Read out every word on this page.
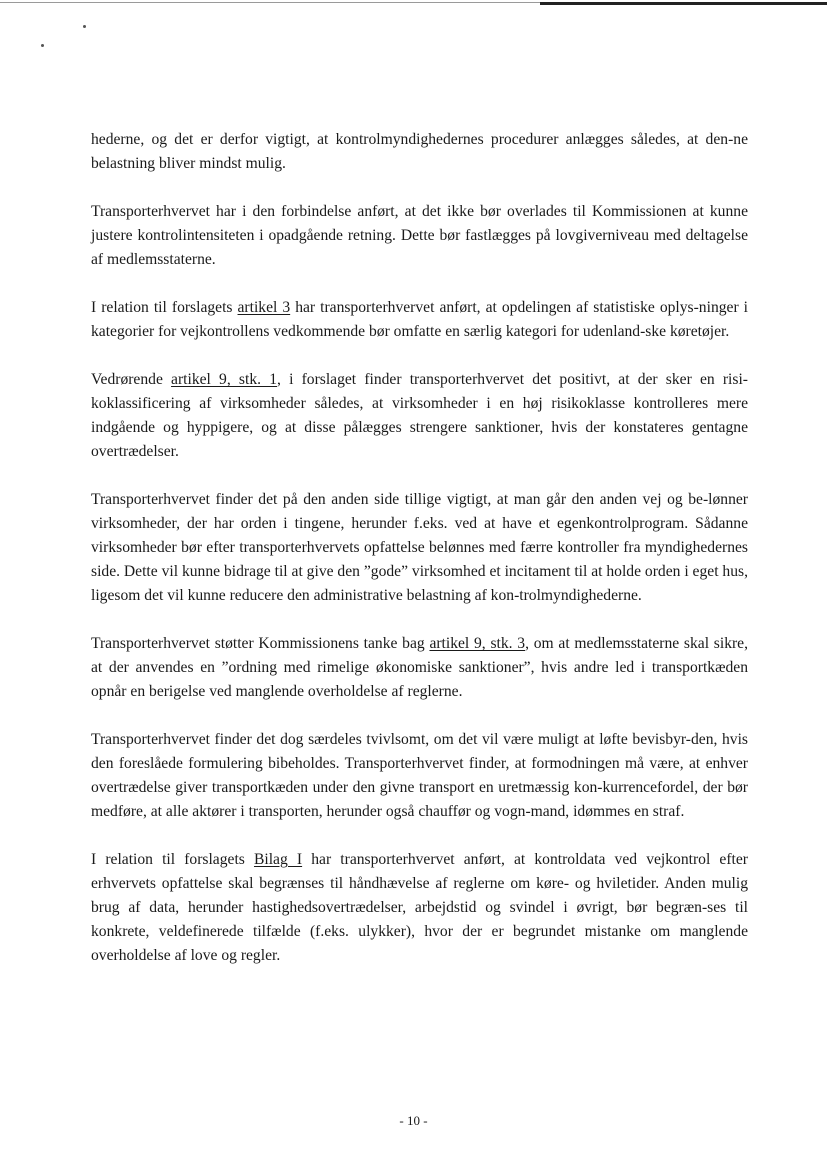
hederne, og det er derfor vigtigt, at kontrolmyndighedernes procedurer anlægges således, at den-ne belastning bliver mindst mulig.

Transporterhvervet har i den forbindelse anført, at det ikke bør overlades til Kommissionen at kunne justere kontrolintensiteten i opadgående retning. Dette bør fastlægges på lovgiverniveau med deltagelse af medlemsstaterne.

I relation til forslagets artikel 3 har transporterhvervet anført, at opdelingen af statistiske oplys-ninger i kategorier for vejkontrollens vedkommende bør omfatte en særlig kategori for udenland-ske køretøjer.

Vedrørende artikel 9, stk. 1, i forslaget finder transporterhvervet det positivt, at der sker en risi-koklassificering af virksomheder således, at virksomheder i en høj risikoklasse kontrolleres mere indgående og hyppigere, og at disse pålægges strengere sanktioner, hvis der konstateres gentagne overtrædelser.

Transporterhvervet finder det på den anden side tillige vigtigt, at man går den anden vej og be-lønner virksomheder, der har orden i tingene, herunder f.eks. ved at have et egenkontrolprogram. Sådanne virksomheder bør efter transporterhvervets opfattelse belønnes med færre kontroller fra myndighedernes side. Dette vil kunne bidrage til at give den ”gode” virksomhed et incitament til at holde orden i eget hus, ligesom det vil kunne reducere den administrative belastning af kon-trolmyndighederne.

Transporterhvervet støtter Kommissionens tanke bag artikel 9, stk. 3, om at medlemsstaterne skal sikre, at der anvendes en ”ordning med rimelige økonomiske sanktioner”, hvis andre led i transportkæden opnår en berigelse ved manglende overholdelse af reglerne.

Transporterhvervet finder det dog særdeles tvivlsomt, om det vil være muligt at løfte bevisbyr-den, hvis den foreslåede formulering bibeholdes. Transporterhvervet finder, at formodningen må være, at enhver overtrædelse giver transportkæden under den givne transport en uretmæssig kon-kurrencefordel, der bør medføre, at alle aktører i transporten, herunder også chauffør og vogn-mand, idømmes en straf.

I relation til forslagets Bilag I har transporterhvervet anført, at kontroldata ved vejkontrol efter erhvervets opfattelse skal begrænses til håndhævelse af reglerne om køre- og hviletider. Anden mulig brug af data, herunder hastighedsovertrædelser, arbejdstid og svindel i øvrigt, bør begræn-ses til konkrete, veldefinerede tilfælde (f.eks. ulykker), hvor der er begrundet mistanke om manglende overholdelse af love og regler.

- 10 -
